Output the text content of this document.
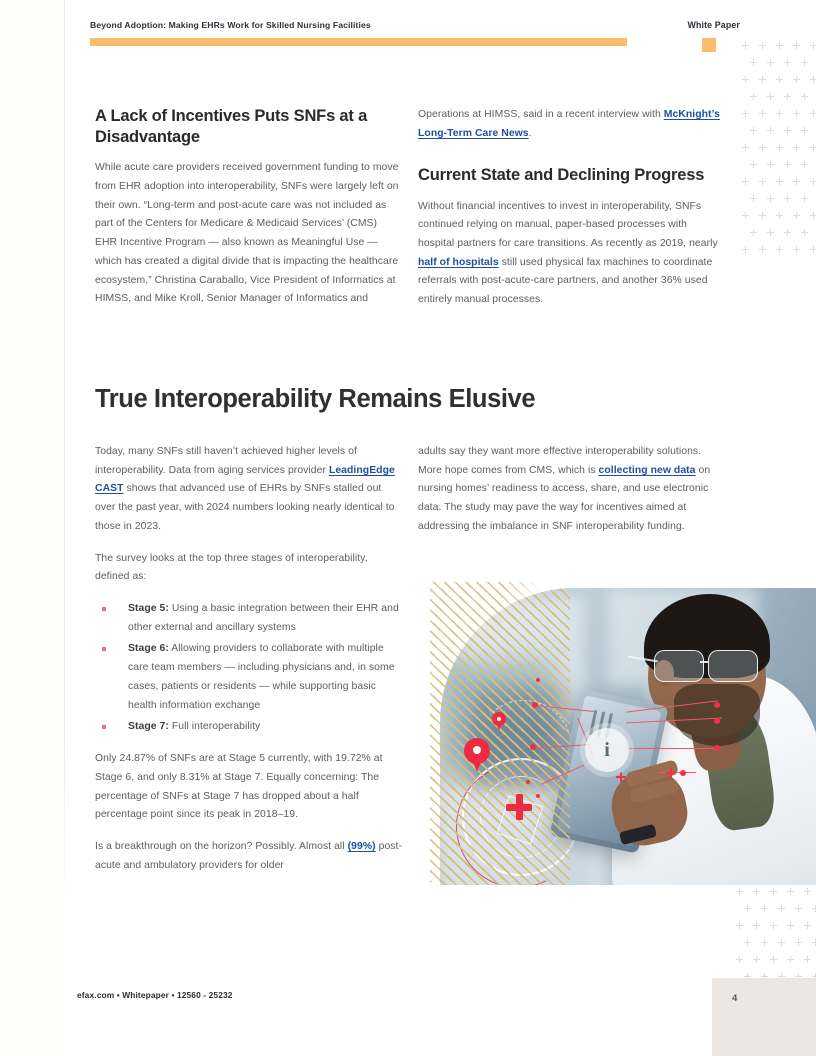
Beyond Adoption: Making EHRs Work for Skilled Nursing Facilities	White Paper
A Lack of Incentives Puts SNFs at a Disadvantage

While acute care providers received government funding to move from EHR adoption into interoperability, SNFs were largely left on their own. “Long-term and post-acute care was not included as part of the Centers for Medicare & Medicaid Services’ (CMS) EHR Incentive Program — also known as Meaningful Use — which has created a digital divide that is impacting the healthcare ecosystem,” Christina Caraballo, Vice President of Informatics at HIMSS, and Mike Kroll, Senior Manager of Informatics and

Operations at HIMSS, said in a recent interview with McKnight’s Long-Term Care News.

Current State and Declining Progress

Without financial incentives to invest in interoperability, SNFs continued relying on manual, paper-based processes with hospital partners for care transitions. As recently as 2019, nearly half of hospitals still used physical fax machines to coordinate referrals with post-acute-care partners, and another 36% used entirely manual processes.

True Interoperability Remains Elusive

Today, many SNFs still haven’t achieved higher levels of interoperability. Data from aging services provider LeadingEdge CAST shows that advanced use of EHRs by SNFs stalled out over the past year, with 2024 numbers looking nearly identical to those in 2023.

The survey looks at the top three stages of interoperability, defined as:

Stage 5: Using a basic integration between their EHR and other external and ancillary systems
Stage 6: Allowing providers to collaborate with multiple care team members — including physicians and, in some cases, patients or residents — while supporting basic health information exchange
Stage 7: Full interoperability

Only 24.87% of SNFs are at Stage 5 currently, with 19.72% at Stage 6, and only 8.31% at Stage 7. Equally concerning: The percentage of SNFs at Stage 7 has dropped about a half percentage point since its peak in 2018–19.

Is a breakthrough on the horizon? Possibly. Almost all (99%) post-acute and ambulatory providers for older

adults say they want more effective interoperability solutions. More hope comes from CMS, which is collecting new data on nursing homes’ readiness to access, share, and use electronic data. The study may pave the way for incentives aimed at addressing the imbalance in SNF interoperability funding.

i
efax.com • Whitepaper • 12560 - 25232	4
